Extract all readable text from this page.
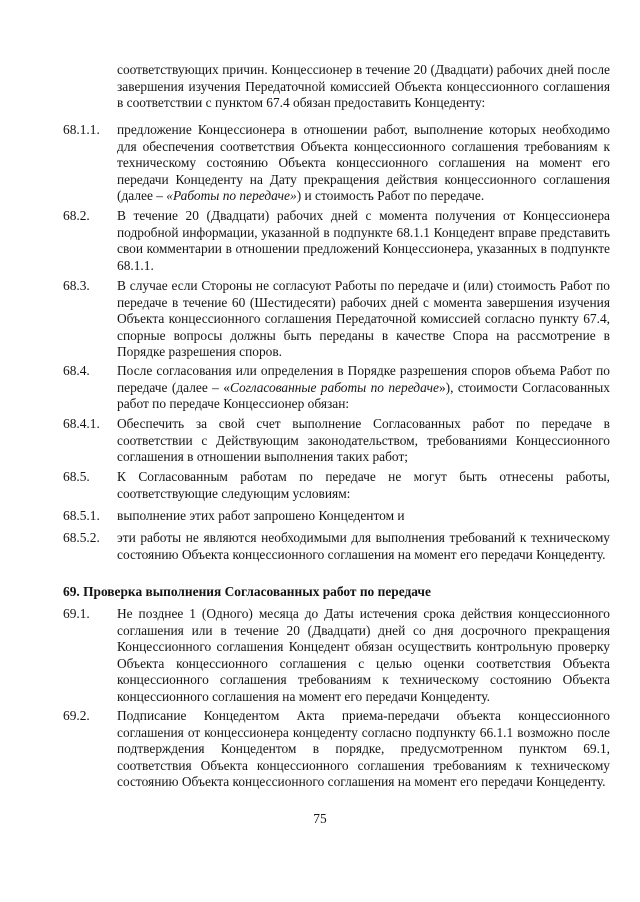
соответствующих причин. Концессионер в течение 20 (Двадцати) рабочих дней после завершения изучения Передаточной комиссией Объекта концессионного соглашения в соответствии с пунктом 67.4 обязан предоставить Концеденту:
68.1.1. предложение Концессионера в отношении работ, выполнение которых необходимо для обеспечения соответствия Объекта концессионного соглашения требованиям к техническому состоянию Объекта концессионного соглашения на момент его передачи Концеденту на Дату прекращения действия концессионного соглашения (далее – «Работы по передаче») и стоимость Работ по передаче.
68.2. В течение 20 (Двадцати) рабочих дней с момента получения от Концессионера подробной информации, указанной в подпункте 68.1.1 Концедент вправе представить свои комментарии в отношении предложений Концессионера, указанных в подпункте 68.1.1.
68.3. В случае если Стороны не согласуют Работы по передаче и (или) стоимость Работ по передаче в течение 60 (Шестидесяти) рабочих дней с момента завершения изучения Объекта концессионного соглашения Передаточной комиссией согласно пункту 67.4, спорные вопросы должны быть переданы в качестве Спора на рассмотрение в Порядке разрешения споров.
68.4. После согласования или определения в Порядке разрешения споров объема Работ по передаче (далее – «Согласованные работы по передаче»), стоимости Согласованных работ по передаче Концессионер обязан:
68.4.1. Обеспечить за свой счет выполнение Согласованных работ по передаче в соответствии с Действующим законодательством, требованиями Концессионного соглашения в отношении выполнения таких работ;
68.5. К Согласованным работам по передаче не могут быть отнесены работы, соответствующие следующим условиям:
68.5.1. выполнение этих работ запрошено Концедентом и
68.5.2. эти работы не являются необходимыми для выполнения требований к техническому состоянию Объекта концессионного соглашения на момент его передачи Концеденту.
69. Проверка выполнения Согласованных работ по передаче
69.1. Не позднее 1 (Одного) месяца до Даты истечения срока действия концессионного соглашения или в течение 20 (Двадцати) дней со дня досрочного прекращения Концессионного соглашения Концедент обязан осуществить контрольную проверку Объекта концессионного соглашения с целью оценки соответствия Объекта концессионного соглашения требованиям к техническому состоянию Объекта концессионного соглашения на момент его передачи Концеденту.
69.2. Подписание Концедентом Акта приема-передачи объекта концессионного соглашения от концессионера концеденту согласно подпункту 66.1.1 возможно после подтверждения Концедентом в порядке, предусмотренном пунктом 69.1, соответствия Объекта концессионного соглашения требованиям к техническому состоянию Объекта концессионного соглашения на момент его передачи Концеденту.
75
